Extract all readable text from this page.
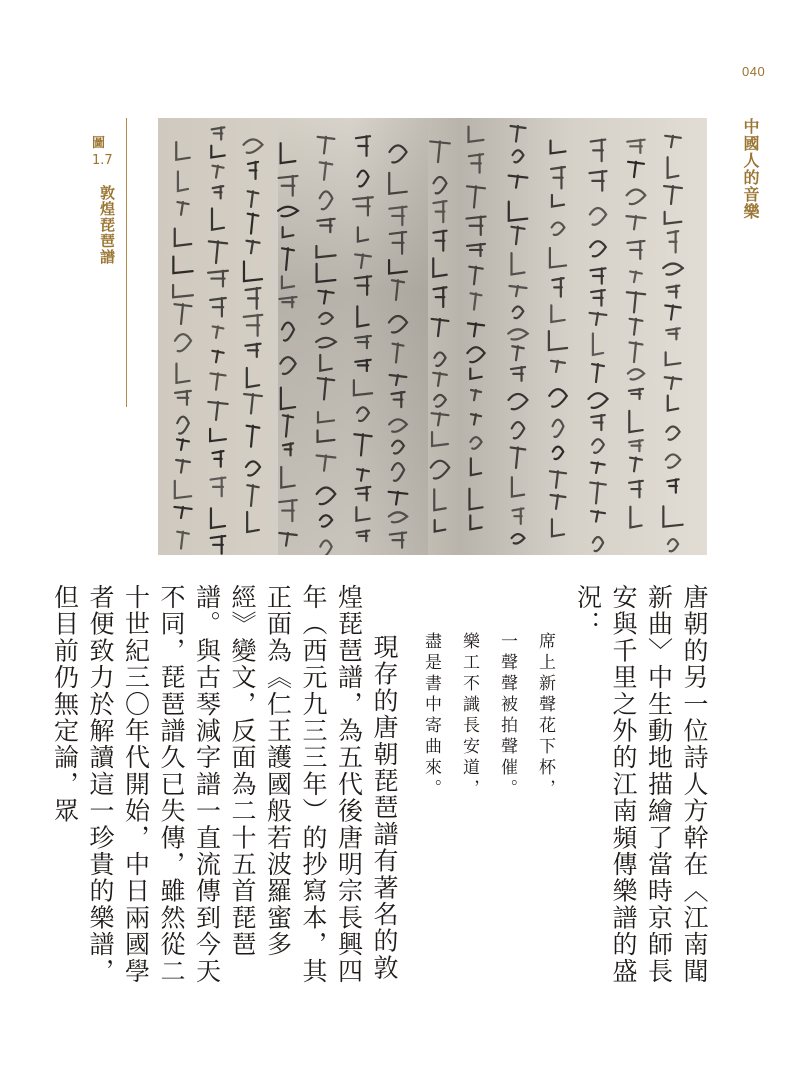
040
中國人的音樂
圖
1.7
敦煌琵琶譜

唐朝的另一位詩人方幹在〈江南聞新曲〉中生動地描繪了當時京師長安與千里之外的江南頻傳樂譜的盛況：

席上新聲花下杯，
一聲聲被拍聲催。
樂工不識長安道，
盡是書中寄曲來。

現存的唐朝琵琶譜有著名的敦煌琵琶譜，為五代後唐明宗長興四年（西元九三三年）的抄寫本，其正面為《仁王護國般若波羅蜜多經》變文，反面為二十五首琵琶譜。與古琴減字譜一直流傳到今天不同，琵琶譜久已失傳，雖然從二十世紀三〇年代開始，中日兩國學者便致力於解讀這一珍貴的樂譜，但目前仍無定論，眾
